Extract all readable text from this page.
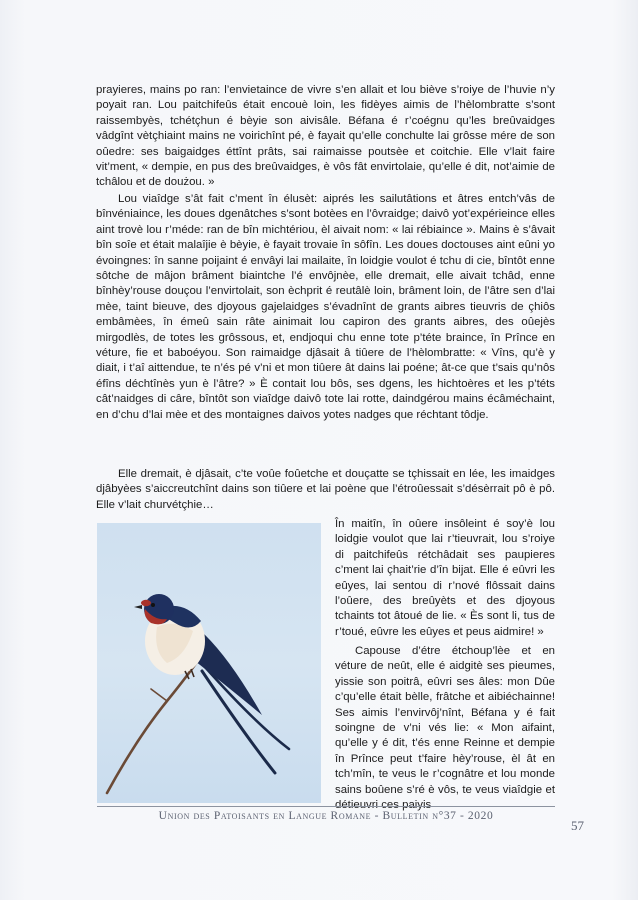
prayieres, mains po ran: l’envietaince de vivre s’en allait et lou biève s’roiye de l’huvie n’y poyait ran. Lou paitchifeûs était encouè loin, les fidèyes aimis de l’hèlombratte s’sont raissembyès, tchétçhun é bèyie son aivisâle. Béfana é r’coégnu qu’les breûvaidges vâdgînt vètçhiaint mains ne voirichînt pé, è fayait qu’elle conchulte lai grôsse mére de son oûedre: ses baigaidges éttînt prâts, sai raimaisse poutsèe et coitchie. Elle v’lait faire vit’ment, « dempie, en pus des breûvaidges, è vôs fât envirtolaie, qu’elle é dit, not’aimie de tchâlou et de doużou. »

Lou viaîdge s’ât fait c’ment în élusèt: aiprés les sailutâtions et âtres entch’vâs de bînvéniaince, les doues dgenâtches s’sont botèes en l’ôvraidge; daivô yot’expérieince elles aint trovè lou r’méde: ran de bîn michtériou, èl aivait nom: « lai rébiaince ». Mains è s’âvait bîn soîe et était malaîjie è bèyie, è fayait trovaie în sôfîn. Les doues doctouses aint eûni yo évoingnes: în sanne poijaint é envâyi lai mailaite, în loidgie voulot é tchu di cie, bîntôt enne sôtche de mâjon brâment biaintche l’é envôjnèe, elle dremait, elle aivait tchâd, enne bînhèy’rouse douçou l’envirtolait, son èchprit é reutâlè loin, brâment loin, de l’âtre sen d’lai mèe, taint bieuve, des djoyous gajelaidges s’évadnînt de grants aibres tieuvris de çhiôs embâmèes, în émeû sain râte ainimait lou capiron des grants aibres, des oûejès mirgodlès, de totes les grôssous, et, endjoqui chu enne tote p’téte braince, în Prînce en véture, fie et baboéyou. Son raimaidge djâsait â tiûere de l’hèlombratte: « Vîns, qu’è y diait, i t’aî aittendue, te n’és pé v’ni et mon tiûere ât dains lai poéne; ât-ce que t’sais qu’nôs éfîns déchtînès yun è l’âtre? » È contait lou bôs, ses dgens, les hichtoères et les p’téts cât’naidges di câre, bîntôt son viaîdge daivô tote lai rotte, daindgérou mains écâméchaint, en d’chu d’lai mèe et des montaignes daivos yotes nadges que réchtant tôdje.

Elle dremait, è djâsait, c’te voûe foûetche et douçatte se tçhissait en lée, les imaidges djâbyèes s’aiccreutchînt dains son tiûere et lai poène que l’étroûessait s’désèrrait pô è pô. Elle v’lait churvétçhie…

În maitîn, în oûere insôleint é soy’è lou loidgie voulot que lai r’tieuvrait, lou s’roiye di paitchifeûs rétchâdait ses paupieres c’ment lai çhait’rie d’în bijat. Elle é eûvri les eûyes, lai sentou di r’nové flôssait dains l’oûere, des breûyèts et des djoyous tchaints tot âtoué de lie. « Ès sont li, tus de r’toué, eûvre les eûyes et peus aidmire! »

Capouse d’étre étchoup’lèe et en véture de neût, elle é aidgitè ses pieumes, yissie son poitrâ, eûvri ses âles: mon Dûe c’qu’elle était bèlle, frâtche et aibiéchainne! Ses aimis l’envirvôj’nînt, Béfana y é fait soingne de v’ni vés lie: « Mon aifaint, qu’elle y é dit, t’és enne Reinne et dempie în Prînce peut t’faire hèy’rouse, èl ât en tch’mîn, te veus le r’cognâtre et lou monde sains boûene s’ré è vôs, te veus viaîdgie et

Union des Patoisants en Langue Romane - Bulletin n°37 - 2020
57
